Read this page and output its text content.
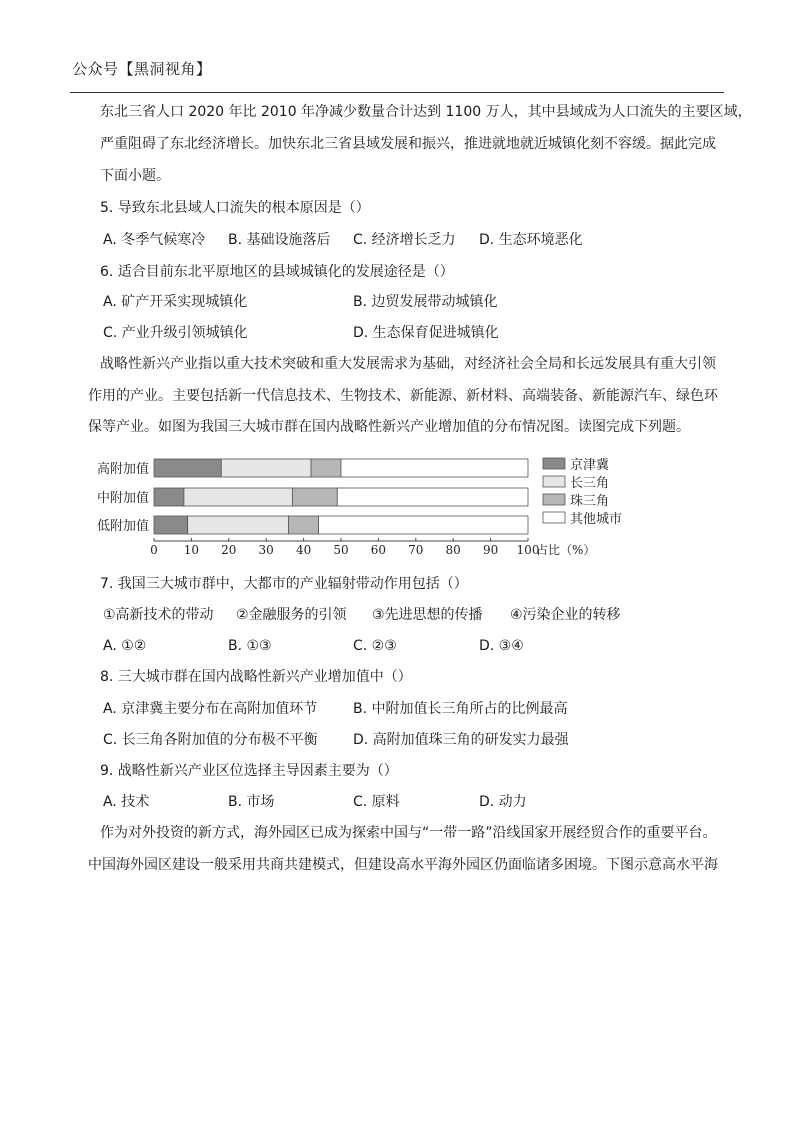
公众号【黑洞视角】
东北三省人口 2020 年比 2010 年净减少数量合计达到 1100 万人，其中县域成为人口流失的主要区域，
严重阻碍了东北经济增长。加快东北三省县域发展和振兴，推进就地就近城镇化刻不容缓。据此完成
下面小题。
5. 导致东北县域人口流失的根本原因是（）
A. 冬季气候寒冷 B. 基础设施落后 C. 经济增长乏力 D. 生态环境恶化
6. 适合目前东北平原地区的县域城镇化的发展途径是（）
A. 矿产开采实现城镇化	B. 边贸发展带动城镇化
C. 产业升级引领城镇化	D. 生态保育促进城镇化
战略性新兴产业指以重大技术突破和重大发展需求为基础，对经济社会全局和长远发展具有重大引领
作用的产业。主要包括新一代信息技术、生物技术、新能源、新材料、高端装备、新能源汽车、绿色环
保等产业。如图为我国三大城市群在国内战略性新兴产业增加值的分布情况图。读图完成下列题。
高附加值
中附加值
低附加值
0 10 20 30 40 50 60 70 80 90 100
占比（%）
京津冀
长三角
珠三角
其他城市
7. 我国三大城市群中，大都市的产业辐射带动作用包括（）
①高新技术的带动 ②金融服务的引领 ③先进思想的传播 ④污染企业的转移
A. ①②	B. ①③	C. ②③	D. ③④
8. 三大城市群在国内战略性新兴产业增加值中（）
A. 京津冀主要分布在高附加值环节	B. 中附加值长三角所占的比例最高
C. 长三角各附加值的分布极不平衡	D. 高附加值珠三角的研发实力最强
9. 战略性新兴产业区位选择主导因素主要为（）
A. 技术	B. 市场	C. 原料	D. 动力
作为对外投资的新方式，海外园区已成为探索中国与“一带一路”沿线国家开展经贸合作的重要平台。
中国海外园区建设一般采用共商共建模式，但建设高水平海外园区仍面临诸多困境。下图示意高水平海
